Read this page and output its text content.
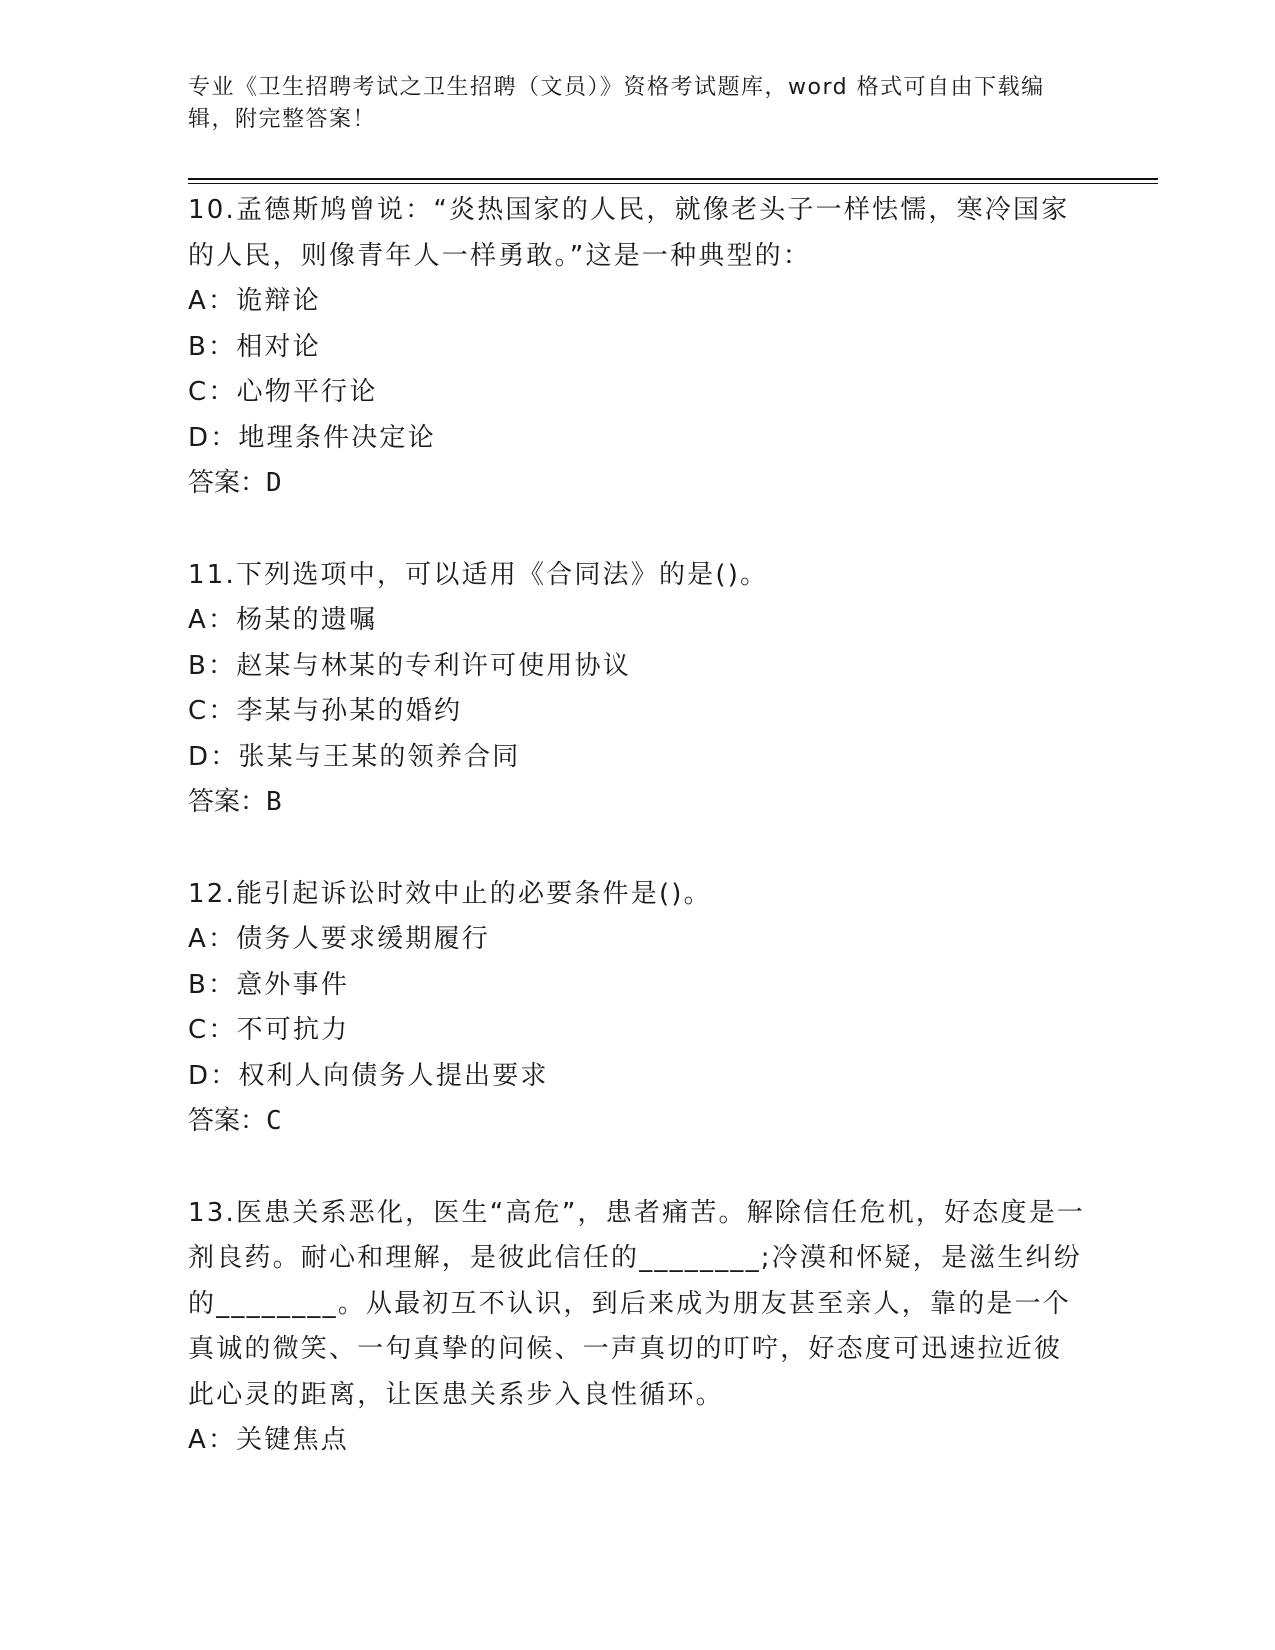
专业《卫生招聘考试之卫生招聘（文员）》资格考试题库，word 格式可自由下载编辑，附完整答案！
10.孟德斯鸠曾说：“炎热国家的人民，就像老头子一样怯懦，寒冷国家的人民，则像青年人一样勇敢。”这是一种典型的：
A：诡辩论
B：相对论
C：心物平行论
D：地理条件决定论
答案：D
11.下列选项中，可以适用《合同法》的是()。
A：杨某的遗嘱
B：赵某与林某的专利许可使用协议
C：李某与孙某的婚约
D：张某与王某的领养合同
答案：B
12.能引起诉讼时效中止的必要条件是()。
A：债务人要求缓期履行
B：意外事件
C：不可抗力
D：权利人向债务人提出要求
答案：C
13.医患关系恶化，医生“高危”，患者痛苦。解除信任危机，好态度是一剂良药。耐心和理解，是彼此信任的________;冷漠和怀疑，是滋生纠纷的________。从最初互不认识，到后来成为朋友甚至亲人，靠的是一个真诚的微笑、一句真挚的问候、一声真切的叮咛，好态度可迅速拉近彼此心灵的距离，让医患关系步入良性循环。
A：关键焦点
